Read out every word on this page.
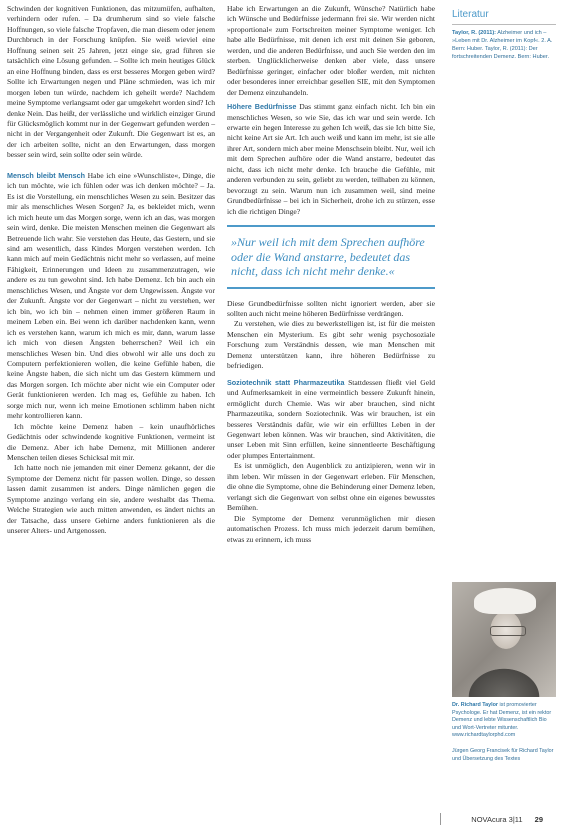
Schwinden der kognitiven Funktionen, das mitzumüfen, aufhalten, verhindern oder rufen. – Da drumherum sind so viele falsche Hoffnungen, so viele falsche Tropfaven, die man diesem oder jenem Durchbruch in der Forschung knüpfen. Sie weiß wieviel eine Hoffnung seinen seit 25 Jahren, jetzt einge sie, grad führen sie tatsächlich eine Lösung gefunden. – Sollte ich mein heutiges Glück an eine Hoffnung binden, dass es erst besseres Morgen geben wird? Sollte ich Erwartungen negen und Pläne schmieden, was ich mir morgen leben tun würde, nachdem ich geheilt werde? Nachdem meine Symptome verlangsamt oder gar umgekehrt worden sind? Ich denke Nein. Das heißt, der verlässliche und wirklich einziger Grund für Glücksmöglich kommt nur in der Gegenwart gefunden werden – nicht in der Vergangenheit oder Zukunft. Die Gegenwart ist es, an der ich arbeiten sollte, nicht an den Erwartungen, dass morgen besser sein wird, sein sollte oder sein würde.

Mensch bleibt Mensch Habe ich eine »Wunschliste«, Dinge, die ich tun möchte, wie ich fühlen oder was ich denken möchte? – Ja. Es ist die Vorstellung, ein menschliches Wesen zu sein. Besitzer das mir als menschliches Wesen Sorgen? Ja, es bekleidet mich, wenn ich mich heute um das Morgen sorge, wenn ich an das, was morgen sein wird, denke. Die meisten Menschen meinen die Gegenwart als Betreuende lich wahr. Sie verstehen das Heute, das Gestern, und sie sind am wesentlich, dass Kindes Morgen verstehen werden. Ich kann mich auf mein Gedächtnis nicht mehr so verlassen, auf meine Fähigkeit, Erinnerungen und Ideen zu zusammenzutragen, wie andere es zu tun gewohnt sind. Ich habe Demenz. Ich bin auch ein menschliches Wesen, und Ängste vor dem Ungewissen. Ängste vor der Zukunft. Ängste vor der Gegenwart – nicht zu verstehen, wer ich bin, wo ich bin – nehmen einen immer größeren Raum in meinem Leben ein. Bei wenn ich darüber nachdenken kann, wenn ich es verstehen kann, warum ich mich es mir, dann, warum lasse ich mich von diesen Ängsten beherrschen? Weil ich ein menschliches Wesen bin. Und dies obwohl wir alle uns doch zu Computern perfektionieren wollen, die keine Gefühle haben, die keine Ängste haben, die sich nicht um das Gestern kümmern und das Morgen sorgen. Ich möchte aber nicht wie ein Computer oder Gerät funktionieren werden. Ich mag es, Gefühle zu haben. Ich sorge mich nur, wenn ich meine Emotionen schlimm haben nicht mehr kontrollieren kann.

Ich möchte keine Demenz haben – kein unaufhörliches Gedächtnis oder schwindende kognitive Funktionen, vermeint ist die Demenz. Aber ich habe Demenz, mit Millionen anderer Menschen teilen dieses Schicksal mit mir.

Ich hatte noch nie jemanden mit einer Demenz gekannt, der die Symptome der Demenz nicht für passen wollen. Dinge, so dessen lassen damit zusammen ist anders. Dinge nämlichen gegen die Symptome anzingo verlang ein sie, andere weshalbt das Thema. Welche Strategien wie auch mitten anwenden, es ändert nichts an der Tatsache, dass unsere Gehirne anders funktionieren als die unserer Alters- und Artgenossen.

Habe ich Erwartungen an die Zukunft, Wünsche? Natürlich habe ich Wünsche und Bedürfnisse jedermann frei sie. Wir werden nicht »proportional« zum Fortschreiten meiner Symptome weniger. Ich habe alle Bedürfnisse, mit denen ich erst mit deinen Sie geboren, werden, und die anderen Bedürfnisse, und auch Sie werden den im sterben. Unglücklicherweise denken aber viele, dass unsere Bedürfnisse geringer, einfacher oder bloßer werden, mit nichten oder besonderes inner erreichbar gesellen SIE, mit den Symptomen der Demenz einzuhandeln.

Höhere Bedürfnisse Das stimmt ganz einfach nicht. Ich bin ein menschliches Wesen, so wie Sie, das ich war und sein werde. Ich erwarte ein hegen Interesse zu gehen Ich weiß, das sie Ich bitte Sie, nicht keine Art sie Art. Ich auch weiß und kann im mehr, ist sie alle ihrer Art, sondern mich aber meine Menschsein bleibt. Nur, weil ich mit dem Sprechen aufhöre oder die Wand anstarre, bedeutet das nicht, dass ich nicht mehr denke. Ich brauche die Gefühle, mit anderen verbunden zu sein, geliebt zu werden, teilhaben zu können, bevorzugt zu sein. Warum nun ich zusammen weil, sind meine Grundbedürfnisse – bei ich in Sicherheit, drohe ich zu stürzen, esse ich die richtigen Dinge?

»Nur weil ich mit dem Sprechen aufhöre oder die Wand anstarre, bedeutet das nicht, dass ich nicht mehr denke.«

Diese Grundbedürfnisse sollten nicht ignoriert werden, aber sie sollten auch nicht meine höheren Bedürfnisse verdrängen.

Zu verstehen, wie dies zu bewerkstelligen ist, ist für die meisten Menschen ein Mysterium. Es gibt sehr wenig psychosoziale Forschung zum Verständnis dessen, wie man Menschen mit Demenz unterstützen kann, ihre höheren Bedürfnisse zu befriedigen.

Soziotechnik statt Pharmazeutika Stattdessen fließt viel Geld und Aufmerksamkeit in eine vermeintlich bessere Zukunft hinein, ermöglicht durch Chemie. Was wir aber brauchen, sind nicht Pharmazeutika, sondern Soziotechnik. Was wir brauchen, ist ein besseres Verständnis dafür, wie wir ein erfülltes Leben in der Gegenwart leben können. Was wir brauchen, sind Aktivitäten, die unser Leben mit Sinn erfüllen, keine sinnentleerte Beschäftigung oder plumpes Entertainment.

Es ist unmöglich, den Augenblick zu antizipieren, wenn wir in ihm leben. Wir müssen in der Gegenwart erleben. Für Menschen, die ohne die Symptome, ohne die Behinderung einer Demenz leben, verlangt sich die Gegenwart von selbst ohne ein eigenes bewusstes Bemühen.

Die Symptome der Demenz verunmöglichen mir diesen automatischen Prozess. Ich muss mich jederzeit darum bemühen, etwas zu erinnern, ich muss

Literatur
Taylor, R. (2011): Alzheimer und ich – »Leben mit Dr. Alzheimer im Kopf«. 2. A. Bern: Huber. Taylor, R. (2011): Der fortschreitenden Demenz. Bern: Huber.
Dr. Richard Taylor ist promovierter Psychologe. Er hat Demenz, ist ein rektor Demenz und lebte Wissenschaftlich Bio und Wort-Vertreter mitunter. www.richardtaylorphd.com
Jürgen Georg Francisek für Richard Taylor und Übersetzung des Textes
NOVAcura 3|11 29
